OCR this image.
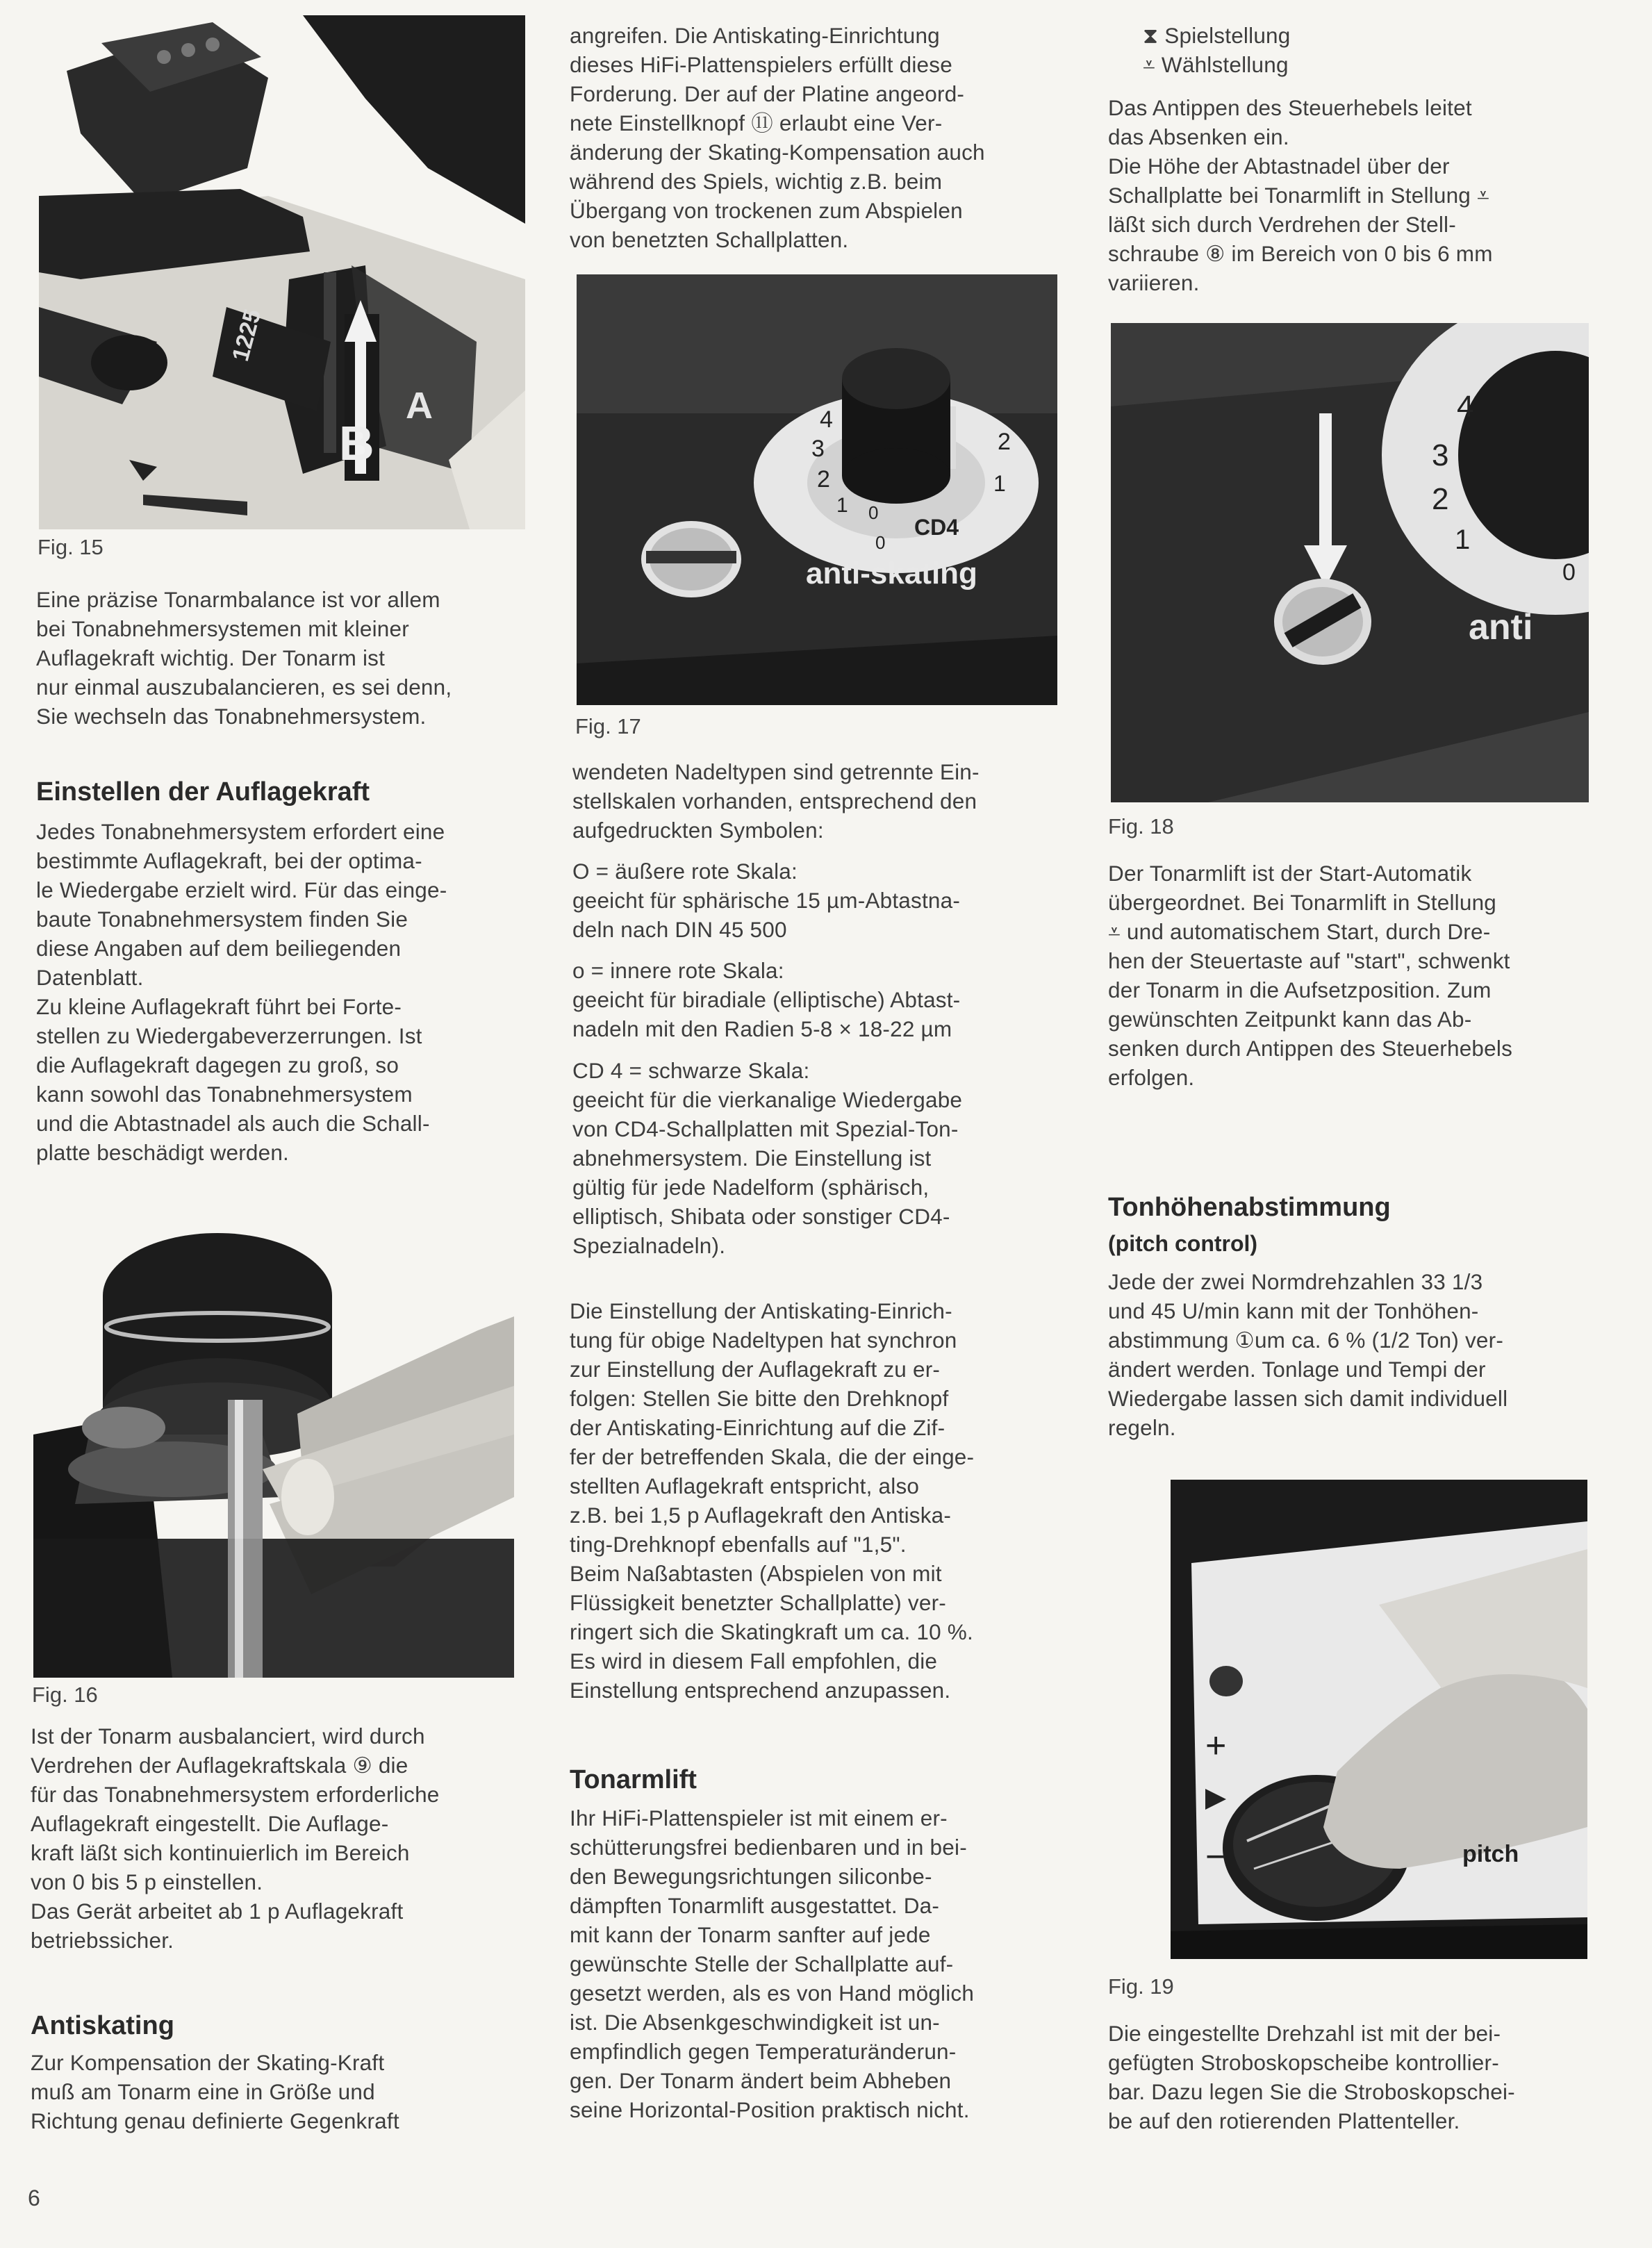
B
A
1225

Fig. 15

Eine präzise Tonarmbalance ist vor allem
bei Tonabnehmersystemen mit kleiner
Auflagekraft wichtig. Der Tonarm ist
nur einmal auszubalancieren, es sei denn,
Sie wechseln das Tonabnehmersystem.

Einstellen der Auflagekraft

Jedes Tonabnehmersystem erfordert eine
bestimmte Auflagekraft, bei der optima-
le Wiedergabe erzielt wird. Für das einge-
baute Tonabnehmersystem finden Sie
diese Angaben auf dem beiliegenden
Datenblatt.
Zu kleine Auflagekraft führt bei Forte-
stellen zu Wiedergabeverzerrungen. Ist
die Auflagekraft dagegen zu groß, so
kann sowohl das Tonabnehmersystem
und die Abtastnadel als auch die Schall-
platte beschädigt werden.

Fig. 16

Ist der Tonarm ausbalanciert, wird durch
Verdrehen der Auflagekraftskala ⑨ die
für das Tonabnehmersystem erforderliche
Auflagekraft eingestellt. Die Auflage-
kraft läßt sich kontinuierlich im Bereich
von 0 bis 5 p einstellen.
Das Gerät arbeitet ab 1 p Auflagekraft
betriebssicher.

Antiskating

Zur Kompensation der Skating-Kraft
muß am Tonarm eine in Größe und
Richtung genau definierte Gegenkraft

angreifen. Die Antiskating-Einrichtung
dieses HiFi-Plattenspielers erfüllt diese
Forderung. Der auf der Platine angeord-
nete Einstellknopf ⑪ erlaubt eine Ver-
änderung der Skating-Kompensation auch
während des Spiels, wichtig z.B. beim
Übergang von trockenen zum Abspielen
von benetzten Schallplatten.

4
3
2
1
2
1
0
0
CD4
anti-skating

Fig. 17

wendeten Nadeltypen sind getrennte Ein-
stellskalen vorhanden, entsprechend den
aufgedruckten Symbolen:

O = äußere rote Skala:
geeicht für sphärische 15 µm-Abtastna-
deln nach DIN 45 500

o = innere rote Skala:
geeicht für biradiale (elliptische) Abtast-
nadeln mit den Radien 5-8 × 18-22 µm

CD 4 = schwarze Skala:
geeicht für die vierkanalige Wiedergabe
von CD4-Schallplatten mit Spezial-Ton-
abnehmersystem. Die Einstellung ist
gültig für jede Nadelform (sphärisch,
elliptisch, Shibata oder sonstiger CD4-
Spezialnadeln).

Die Einstellung der Antiskating-Einrich-
tung für obige Nadeltypen hat synchron
zur Einstellung der Auflagekraft zu er-
folgen: Stellen Sie bitte den Drehknopf
der Antiskating-Einrichtung auf die Zif-
fer der betreffenden Skala, die der einge-
stellten Auflagekraft entspricht, also
z.B. bei 1,5 p Auflagekraft den Antiska-
ting-Drehknopf ebenfalls auf "1,5".
Beim Naßabtasten (Abspielen von mit
Flüssigkeit benetzter Schallplatte) ver-
ringert sich die Skatingkraft um ca. 10 %.
Es wird in diesem Fall empfohlen, die
Einstellung entsprechend anzupassen.

Tonarmlift

Ihr HiFi-Plattenspieler ist mit einem er-
schütterungsfrei bedienbaren und in bei-
den Bewegungsrichtungen siliconbe-
dämpften Tonarmlift ausgestattet. Da-
mit kann der Tonarm sanfter auf jede
gewünschte Stelle der Schallplatte auf-
gesetzt werden, als es von Hand möglich
ist. Die Absenkgeschwindigkeit ist un-
empfindlich gegen Temperaturänderun-
gen. Der Tonarm ändert beim Abheben
seine Horizontal-Position praktisch nicht.

⧗ Spielstellung
⩡ Wählstellung

Das Antippen des Steuerhebels leitet
das Absenken ein.
Die Höhe der Abtastnadel über der
Schallplatte bei Tonarmlift in Stellung ⩡
läßt sich durch Verdrehen der Stell-
schraube ⑧ im Bereich von 0 bis 6 mm
variieren.

4
3
2
1
0
anti

Fig. 18

Der Tonarmlift ist der Start-Automatik
übergeordnet. Bei Tonarmlift in Stellung
⩡ und automatischem Start, durch Dre-
hen der Steuertaste auf "start", schwenkt
der Tonarm in die Aufsetzposition. Zum
gewünschten Zeitpunkt kann das Ab-
senken durch Antippen des Steuerhebels
erfolgen.

Tonhöhenabstimmung
(pitch control)

Jede der zwei Normdrehzahlen 33 1/3
und 45 U/min kann mit der Tonhöhen-
abstimmung ①um ca. 6 % (1/2 Ton) ver-
ändert werden. Tonlage und Tempi der
Wiedergabe lassen sich damit individuell
regeln.

+
−	pitch

Fig. 19

Die eingestellte Drehzahl ist mit der bei-
gefügten Stroboskopscheibe kontrollier-
bar. Dazu legen Sie die Stroboskopschei-
be auf den rotierenden Plattenteller.

6
